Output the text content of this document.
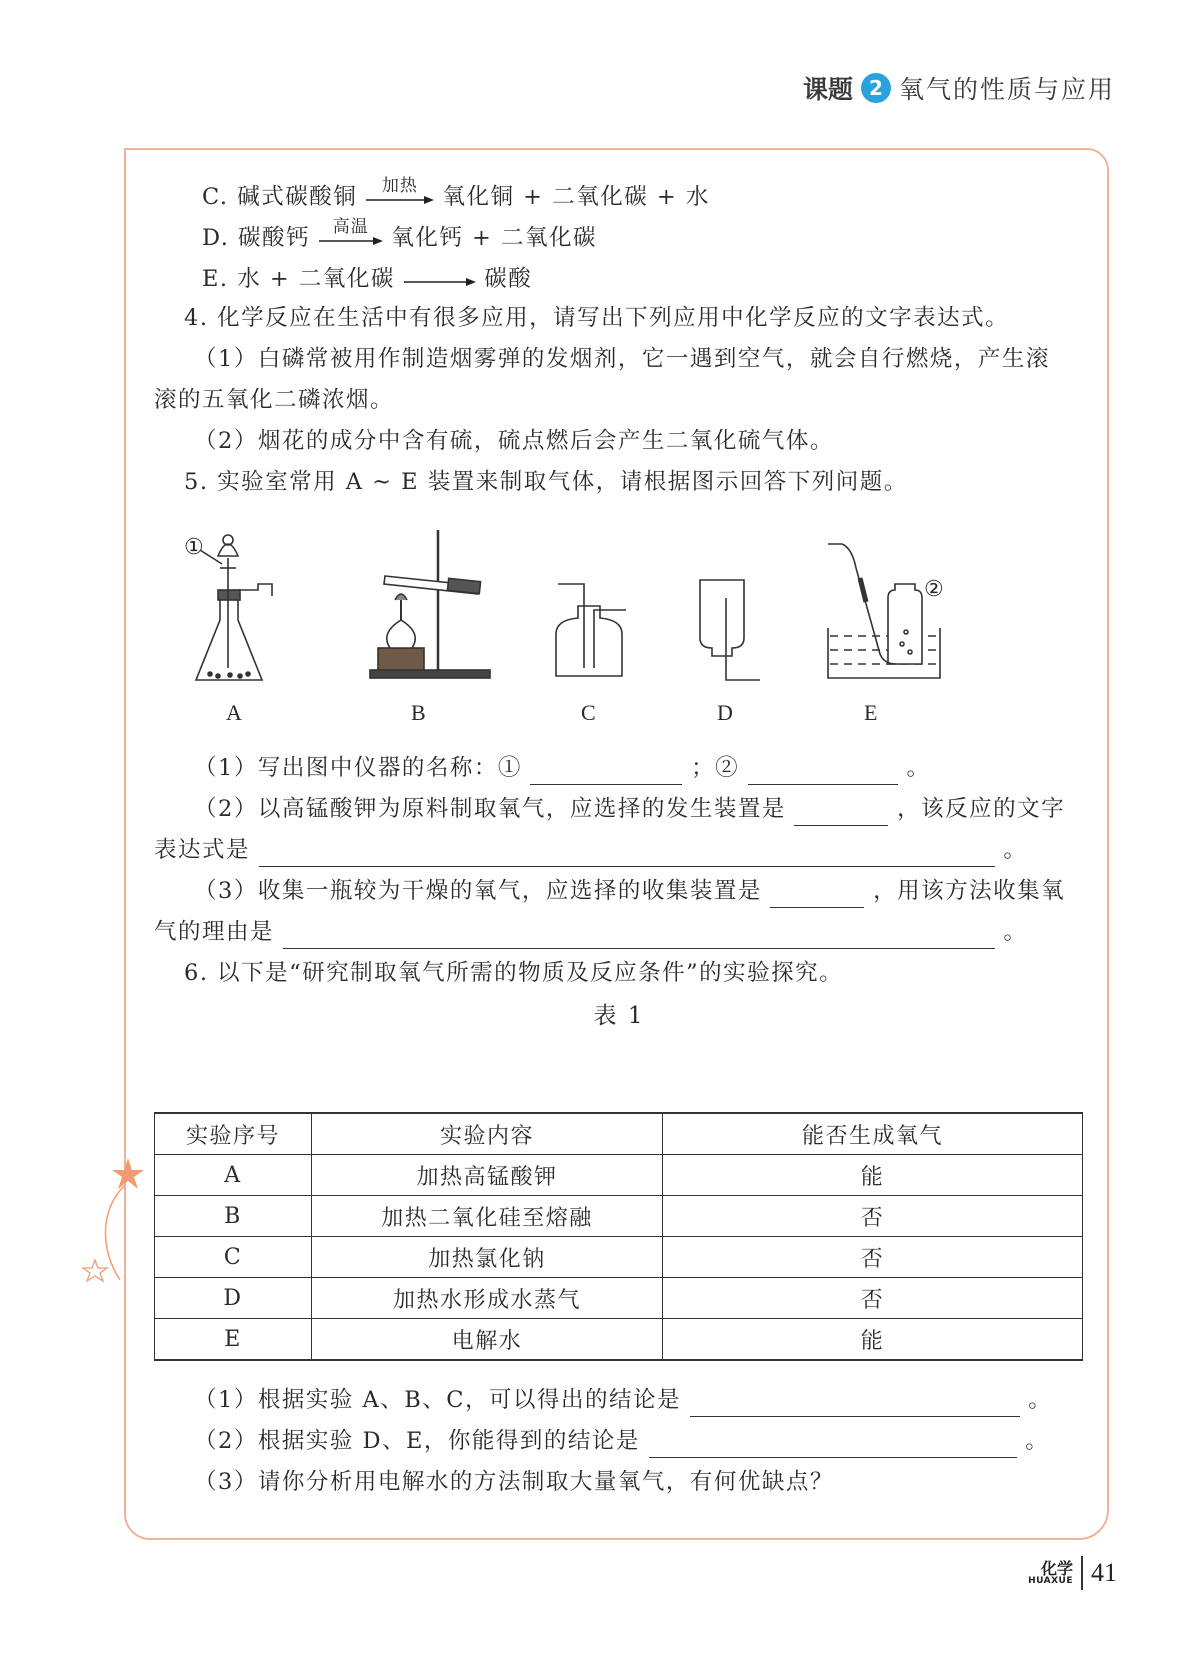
课题 2 氧气的性质与应用
C. 碱式碳酸铜	加热	氧化铜 + 二氧化碳 + 水
D. 碳酸钙	高温	氧化钙 + 二氧化碳
E. 水 + 二氧化碳	碳酸
4. 化学反应在生活中有很多应用，请写出下列应用中化学反应的文字表达式。
（1）白磷常被用作制造烟雾弹的发烟剂，它一遇到空气，就会自行燃烧，产生滚
滚的五氧化二磷浓烟。
（2）烟花的成分中含有硫，硫点燃后会产生二氧化硫气体。
5. 实验室常用 A ~ E 装置来制取气体，请根据图示回答下列问题。
①
②
A	B	C	D	E
（1）写出图中仪器的名称：①	；②	。
（2）以高锰酸钾为原料制取氧气，应选择的发生装置是	，该反应的文字
表达式是	。
（3）收集一瓶较为干燥的氧气，应选择的收集装置是	，用该方法收集氧
气的理由是	。
6. 以下是“研究制取氧气所需的物质及反应条件”的实验探究。
表 1
实验序号	实验内容	能否生成氧气
A	加热高锰酸钾	能
B	加热二氧化硅至熔融	否
C	加热氯化钠	否
D	加热水形成水蒸气	否
E	电解水	能
（1）根据实验 A、B、C，可以得出的结论是	。
（2）根据实验 D、E，你能得到的结论是	。
（3）请你分析用电解水的方法制取大量氧气，有何优缺点？
化学
HUAXUE 41
